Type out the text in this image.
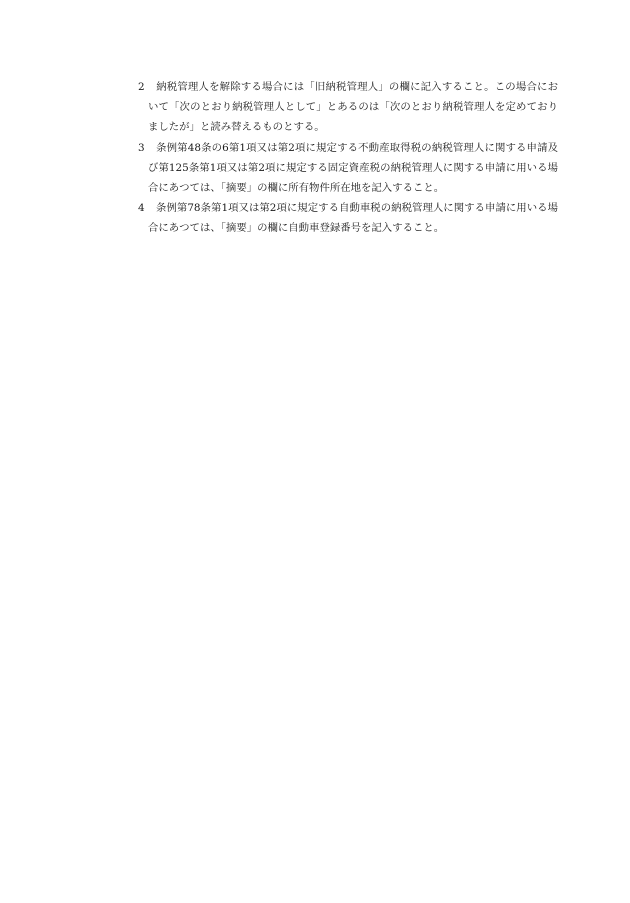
2 納税管理人を解除する場合には「旧納税管理人」の欄に記入すること。この場合において「次のとおり納税管理人として」とあるのは「次のとおり納税管理人を定めておりましたが」と読み替えるものとする。

3 条例第48条の6第1項又は第2項に規定する不動産取得税の納税管理人に関する申請及び第125条第1項又は第2項に規定する固定資産税の納税管理人に関する申請に用いる場合にあつては、「摘要」の欄に所有物件所在地を記入すること。

4 条例第78条第1項又は第2項に規定する自動車税の納税管理人に関する申請に用いる場合にあつては、「摘要」の欄に自動車登録番号を記入すること。
